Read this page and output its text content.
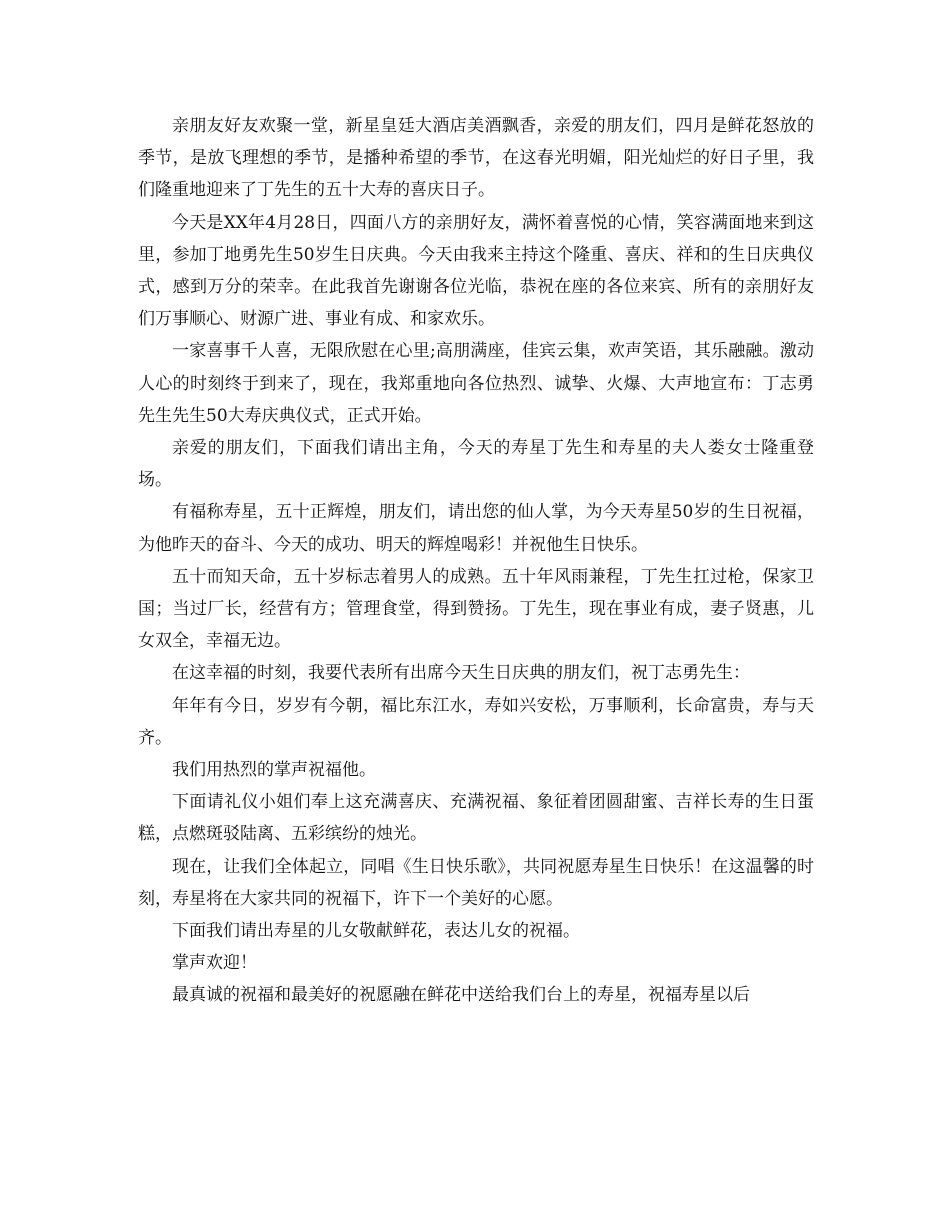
亲朋友好友欢聚一堂，新星皇廷大酒店美酒飘香，亲爱的朋友们，四月是鲜花怒放的季节，是放飞理想的季节，是播种希望的季节，在这春光明媚，阳光灿烂的好日子里，我们隆重地迎来了丁先生的五十大寿的喜庆日子。

今天是XX年4月28日，四面八方的亲朋好友，满怀着喜悦的心情，笑容满面地来到这里，参加丁地勇先生50岁生日庆典。今天由我来主持这个隆重、喜庆、祥和的生日庆典仪式，感到万分的荣幸。在此我首先谢谢各位光临，恭祝在座的各位来宾、所有的亲朋好友们万事顺心、财源广进、事业有成、和家欢乐。

一家喜事千人喜，无限欣慰在心里;高朋满座，佳宾云集，欢声笑语，其乐融融。激动人心的时刻终于到来了，现在，我郑重地向各位热烈、诚挚、火爆、大声地宣布：丁志勇先生先生50大寿庆典仪式，正式开始。

亲爱的朋友们，下面我们请出主角，今天的寿星丁先生和寿星的夫人娄女士隆重登场。

有福称寿星，五十正辉煌，朋友们，请出您的仙人掌，为今天寿星50岁的生日祝福，为他昨天的奋斗、今天的成功、明天的辉煌喝彩！并祝他生日快乐。

五十而知天命，五十岁标志着男人的成熟。五十年风雨兼程，丁先生扛过枪，保家卫国；当过厂长，经营有方；管理食堂，得到赞扬。丁先生，现在事业有成，妻子贤惠，儿女双全，幸福无边。

在这幸福的时刻，我要代表所有出席今天生日庆典的朋友们，祝丁志勇先生：

年年有今日，岁岁有今朝，福比东江水，寿如兴安松，万事顺利，长命富贵，寿与天齐。

我们用热烈的掌声祝福他。

下面请礼仪小姐们奉上这充满喜庆、充满祝福、象征着团圆甜蜜、吉祥长寿的生日蛋糕，点燃斑驳陆离、五彩缤纷的烛光。

现在，让我们全体起立，同唱《生日快乐歌》，共同祝愿寿星生日快乐！在这温馨的时刻，寿星将在大家共同的祝福下，许下一个美好的心愿。

下面我们请出寿星的儿女敬献鲜花，表达儿女的祝福。

掌声欢迎！

最真诚的祝福和最美好的祝愿融在鲜花中送给我们台上的寿星，祝福寿星以后
